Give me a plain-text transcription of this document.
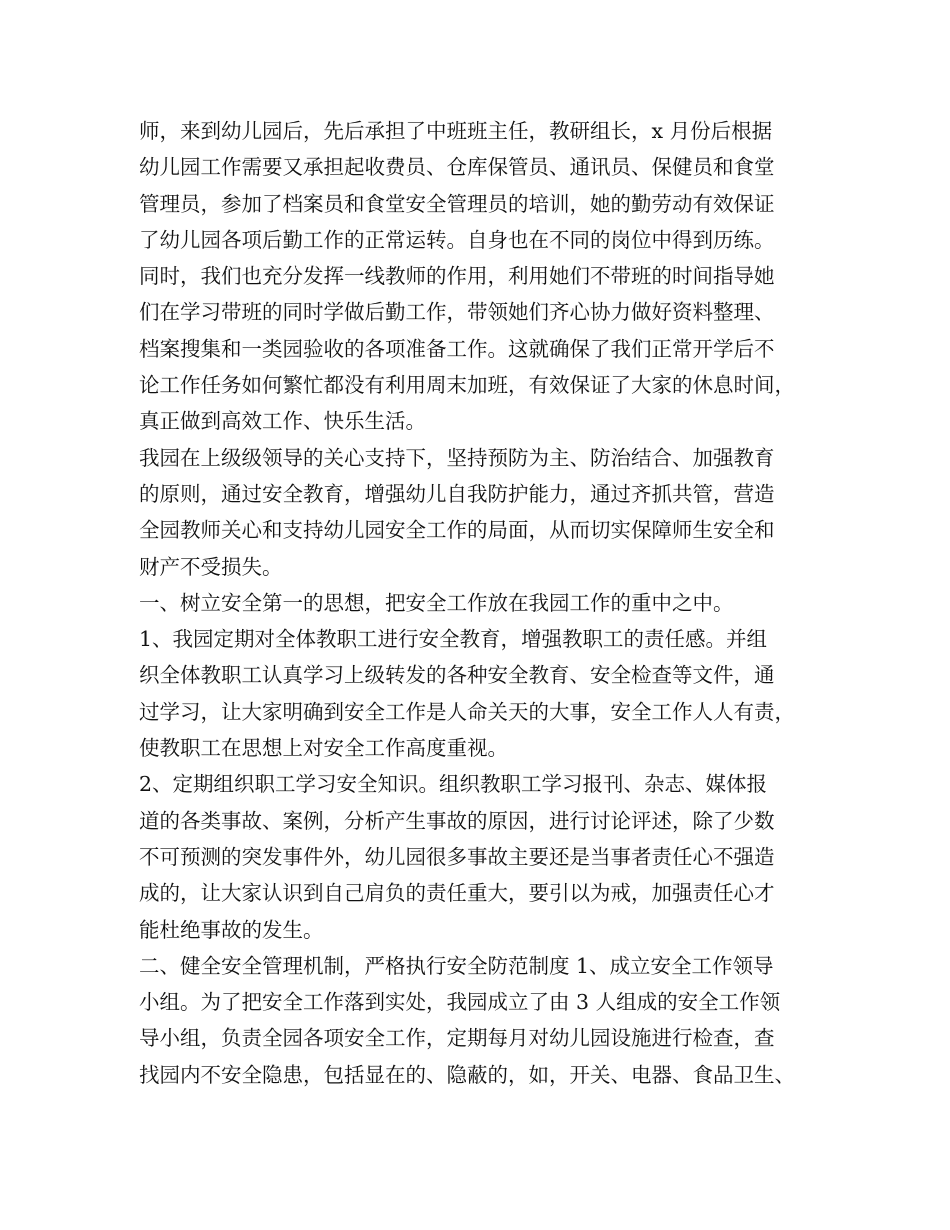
师，来到幼儿园后，先后承担了中班班主任，教研组长，x 月份后根据
幼儿园工作需要又承担起收费员、仓库保管员、通讯员、保健员和食堂
管理员，参加了档案员和食堂安全管理员的培训，她的勤劳动有效保证
了幼儿园各项后勤工作的正常运转。自身也在不同的岗位中得到历练。
同时，我们也充分发挥一线教师的作用，利用她们不带班的时间指导她
们在学习带班的同时学做后勤工作，带领她们齐心协力做好资料整理、
档案搜集和一类园验收的各项准备工作。这就确保了我们正常开学后不
论工作任务如何繁忙都没有利用周末加班，有效保证了大家的休息时间，
真正做到高效工作、快乐生活。
我园在上级级领导的关心支持下，坚持预防为主、防治结合、加强教育
的原则，通过安全教育，增强幼儿自我防护能力，通过齐抓共管，营造
全园教师关心和支持幼儿园安全工作的局面，从而切实保障师生安全和
财产不受损失。
一、树立安全第一的思想，把安全工作放在我园工作的重中之中。
1、我园定期对全体教职工进行安全教育，增强教职工的责任感。并组
织全体教职工认真学习上级转发的各种安全教育、安全检查等文件，通
过学习，让大家明确到安全工作是人命关天的大事，安全工作人人有责，
使教职工在思想上对安全工作高度重视。
2、定期组织职工学习安全知识。组织教职工学习报刊、杂志、媒体报
道的各类事故、案例，分析产生事故的原因，进行讨论评述，除了少数
不可预测的突发事件外，幼儿园很多事故主要还是当事者责任心不强造
成的，让大家认识到自己肩负的责任重大，要引以为戒，加强责任心才
能杜绝事故的发生。
二、健全安全管理机制，严格执行安全防范制度 1、成立安全工作领导
小组。为了把安全工作落到实处，我园成立了由 3 人组成的安全工作领
导小组，负责全园各项安全工作，定期每月对幼儿园设施进行检查，查
找园内不安全隐患，包括显在的、隐蔽的，如，开关、电器、食品卫生、
